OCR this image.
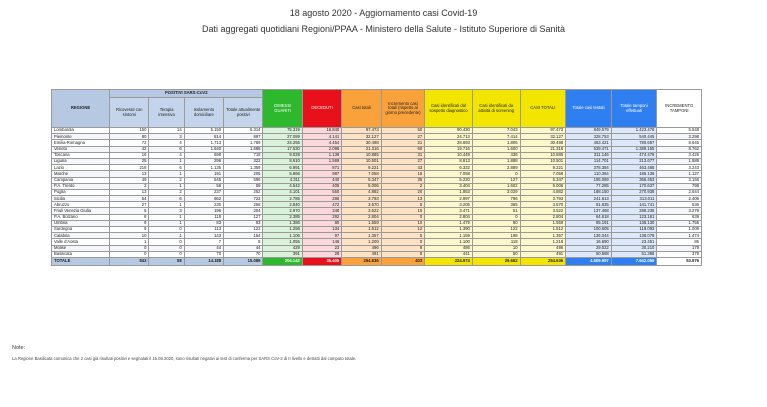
18 agosto 2020 - Aggiornamento casi Covid-19
Dati aggregati quotidiani Regioni/PPAA - Ministero della Salute - Istituto Superiore di Sanità
REGIONE	POSITIVI SARS-CoV2				DIMESSI GUARITI	DECEDUTI	Casi totali	Incremento casi totali (rispetto al giorno precedente)	Casi identificati dal sospetto diagnostico	Casi identificati da attività di screening	CASI TOTALI	Totale casi testati	Totale tamponi effettuati	INCREMENTO TAMPONI
	Ricoverati con sintomi	Terapia intensiva	Isolamento domiciliare	Totale attualmente positivi										
Lombardia	150	14	5.150	5.314	75.319	16.840	97.473	50	90.430	7.043	97.473	849.579	1.423.476	5.548
Piemonte	80	3	814	897	27.089	4.141	32.127	27	24.713	7.414	32.127	328.753	540.445	3.298
Emilia-Romagna	72	4	1.713	1.789	24.255	4.454	30.498	21	28.693	1.805	30.498	463.421	780.697	8.645
Veneto	42	6	1.640	1.688	17.530	2.098	21.316	60	19.716	1.600	21.316	539.471	1.389.155	8.762
Toscana	16	4	698	718	9.028	1.139	10.885	31	10.449	436	10.885	311.146	474.476	3.425
Liguria	25	1	296	322	8.610	1.569	10.501	27	8.613	1.888	10.501	114.701	213.677	1.589
Lazio	218	6	1.135	1.359	6.991	871	9.221	43	6.332	2.889	9.221	378.384	463.468	3.243
Marche	13	1	191	205	5.866	987	7.058	15	7.058	0	7.058	110.364	185.136	1.127
Campania	49	2	545	596	4.311	440	5.347	35	5.220	127	5.347	195.069	366.453	3.156
P.A. Trento	2	1	56	59	4.542	405	5.006	2	3.404	1.602	5.006	77.285	170.637	798
Puglia	13	2	237	252	4.101	550	4.882	20	1.853	3.029	4.882	188.150	270.938	2.644
Sicilia	54	6	662	722	2.785	286	3.793	13	2.997	796	3.793	241.613	313.011	2.406
Abruzzo	27	1	230	258	2.840	472	3.570	5	3.205	365	3.570	91.835	141.741	536
Friuli Venezia Giulia	5	3	196	204	2.970	348	3.522	10	3.471	51	3.522	137.468	288.238	3.279
P.A. Bolzano	8	1	118	127	2.385	292	2.804	0	2.804	0	2.804	64.618	123.161	639
Umbria	9	1	83	93	1.386	80	1.559	10	1.479	80	1.559	85.191	135.130	1.755
Sardegna	9	0	113	122	1.256	134	1.512	12	1.390	122	1.512	100.605	119.093	1.009
Calabria	10	1	143	154	1.106	97	1.357	5	1.159	198	1.357	136.044	138.078	1.474
Valle d'Aosta	1	0	7	8	1.055	146	1.209	0	1.100	118	1.218	16.690	23.451	85
Molise	0	0	44	44	429	23	496	9	486	10	496	29.022	30.210	179
Basilicata	0	0	70	70	391	28	491	8	441	50	491	50.588	51.388	379
TOTALE	843	58	14.188	15.089	204.142	35.405	254.636	403	224.974	29.662	254.636	4.509.997	7.642.059	53.976
Note:
La Regione Basilicata comunica che 2 casi già risultati positivi e segnalati il 15.08.2020, sono risultati negativi ai test di conferma per SARS CoV-2 di II livello e detratti dal computo totale.
